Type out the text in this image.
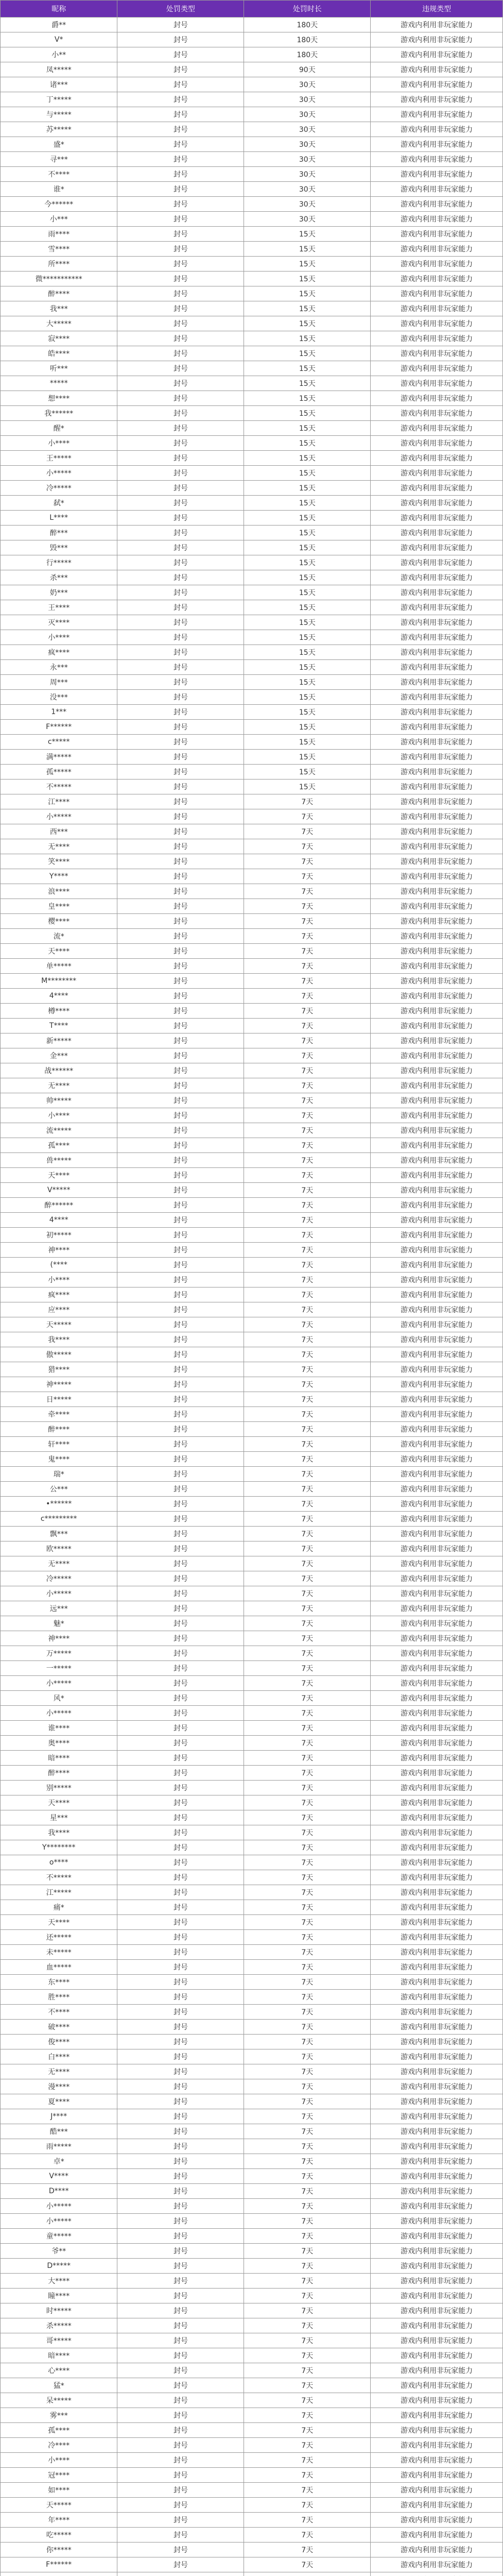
昵称	处罚类型	处罚时长	违规类型
爵**	封号	180天	游戏内利用非玩家能力
V*	封号	180天	游戏内利用非玩家能力
小**	封号	180天	游戏内利用非玩家能力
凤*****	封号	90天	游戏内利用非玩家能力
诸***	封号	30天	游戏内利用非玩家能力
丁*****	封号	30天	游戏内利用非玩家能力
与*****	封号	30天	游戏内利用非玩家能力
苏*****	封号	30天	游戏内利用非玩家能力
盛*	封号	30天	游戏内利用非玩家能力
寻***	封号	30天	游戏内利用非玩家能力
不****	封号	30天	游戏内利用非玩家能力
谁*	封号	30天	游戏内利用非玩家能力
今******	封号	30天	游戏内利用非玩家能力
小***	封号	30天	游戏内利用非玩家能力
雨****	封号	15天	游戏内利用非玩家能力
雪****	封号	15天	游戏内利用非玩家能力
所****	封号	15天	游戏内利用非玩家能力
微***********	封号	15天	游戏内利用非玩家能力
醉****	封号	15天	游戏内利用非玩家能力
我***	封号	15天	游戏内利用非玩家能力
大*****	封号	15天	游戏内利用非玩家能力
寂****	封号	15天	游戏内利用非玩家能力
皓****	封号	15天	游戏内利用非玩家能力
听***	封号	15天	游戏内利用非玩家能力
*****	封号	15天	游戏内利用非玩家能力
想****	封号	15天	游戏内利用非玩家能力
我******	封号	15天	游戏内利用非玩家能力
醒*	封号	15天	游戏内利用非玩家能力
小****	封号	15天	游戏内利用非玩家能力
王*****	封号	15天	游戏内利用非玩家能力
小*****	封号	15天	游戏内利用非玩家能力
冷*****	封号	15天	游戏内利用非玩家能力
弑*	封号	15天	游戏内利用非玩家能力
L****	封号	15天	游戏内利用非玩家能力
醉***	封号	15天	游戏内利用非玩家能力
毁***	封号	15天	游戏内利用非玩家能力
行*****	封号	15天	游戏内利用非玩家能力
杀***	封号	15天	游戏内利用非玩家能力
奶***	封号	15天	游戏内利用非玩家能力
王****	封号	15天	游戏内利用非玩家能力
灭****	封号	15天	游戏内利用非玩家能力
小****	封号	15天	游戏内利用非玩家能力
疯****	封号	15天	游戏内利用非玩家能力
永***	封号	15天	游戏内利用非玩家能力
周***	封号	15天	游戏内利用非玩家能力
没***	封号	15天	游戏内利用非玩家能力
1***	封号	15天	游戏内利用非玩家能力
F******	封号	15天	游戏内利用非玩家能力
c*****	封号	15天	游戏内利用非玩家能力
满*****	封号	15天	游戏内利用非玩家能力
孤*****	封号	15天	游戏内利用非玩家能力
不*****	封号	15天	游戏内利用非玩家能力
江****	封号	7天	游戏内利用非玩家能力
小*****	封号	7天	游戏内利用非玩家能力
西***	封号	7天	游戏内利用非玩家能力
无****	封号	7天	游戏内利用非玩家能力
笑****	封号	7天	游戏内利用非玩家能力
Y****	封号	7天	游戏内利用非玩家能力
浪****	封号	7天	游戏内利用非玩家能力
皇****	封号	7天	游戏内利用非玩家能力
樱****	封号	7天	游戏内利用非玩家能力
流*	封号	7天	游戏内利用非玩家能力
天****	封号	7天	游戏内利用非玩家能力
单*****	封号	7天	游戏内利用非玩家能力
M********	封号	7天	游戏内利用非玩家能力
4****	封号	7天	游戏内利用非玩家能力
樽****	封号	7天	游戏内利用非玩家能力
T****	封号	7天	游戏内利用非玩家能力
新*****	封号	7天	游戏内利用非玩家能力
金***	封号	7天	游戏内利用非玩家能力
战******	封号	7天	游戏内利用非玩家能力
无****	封号	7天	游戏内利用非玩家能力
帅*****	封号	7天	游戏内利用非玩家能力
小****	封号	7天	游戏内利用非玩家能力
流*****	封号	7天	游戏内利用非玩家能力
孤****	封号	7天	游戏内利用非玩家能力
兽*****	封号	7天	游戏内利用非玩家能力
天****	封号	7天	游戏内利用非玩家能力
V*****	封号	7天	游戏内利用非玩家能力
醉******	封号	7天	游戏内利用非玩家能力
4****	封号	7天	游戏内利用非玩家能力
初*****	封号	7天	游戏内利用非玩家能力
神****	封号	7天	游戏内利用非玩家能力
(****	封号	7天	游戏内利用非玩家能力
小****	封号	7天	游戏内利用非玩家能力
疯****	封号	7天	游戏内利用非玩家能力
应****	封号	7天	游戏内利用非玩家能力
天*****	封号	7天	游戏内利用非玩家能力
我****	封号	7天	游戏内利用非玩家能力
傲*****	封号	7天	游戏内利用非玩家能力
猎****	封号	7天	游戏内利用非玩家能力
神*****	封号	7天	游戏内利用非玩家能力
日*****	封号	7天	游戏内利用非玩家能力
牵****	封号	7天	游戏内利用非玩家能力
醉****	封号	7天	游戏内利用非玩家能力
轩****	封号	7天	游戏内利用非玩家能力
鬼****	封号	7天	游戏内利用非玩家能力
瑞*	封号	7天	游戏内利用非玩家能力
公***	封号	7天	游戏内利用非玩家能力
•******	封号	7天	游戏内利用非玩家能力
c*********	封号	7天	游戏内利用非玩家能力
飘***	封号	7天	游戏内利用非玩家能力
欧*****	封号	7天	游戏内利用非玩家能力
无****	封号	7天	游戏内利用非玩家能力
冷*****	封号	7天	游戏内利用非玩家能力
小*****	封号	7天	游戏内利用非玩家能力
远***	封号	7天	游戏内利用非玩家能力
魅*	封号	7天	游戏内利用非玩家能力
神****	封号	7天	游戏内利用非玩家能力
万*****	封号	7天	游戏内利用非玩家能力
一*****	封号	7天	游戏内利用非玩家能力
小*****	封号	7天	游戏内利用非玩家能力
风*	封号	7天	游戏内利用非玩家能力
小*****	封号	7天	游戏内利用非玩家能力
谁****	封号	7天	游戏内利用非玩家能力
奥****	封号	7天	游戏内利用非玩家能力
暗****	封号	7天	游戏内利用非玩家能力
醉****	封号	7天	游戏内利用非玩家能力
别*****	封号	7天	游戏内利用非玩家能力
天****	封号	7天	游戏内利用非玩家能力
星***	封号	7天	游戏内利用非玩家能力
我****	封号	7天	游戏内利用非玩家能力
Y********	封号	7天	游戏内利用非玩家能力
o****	封号	7天	游戏内利用非玩家能力
不*****	封号	7天	游戏内利用非玩家能力
江*****	封号	7天	游戏内利用非玩家能力
痛*	封号	7天	游戏内利用非玩家能力
天****	封号	7天	游戏内利用非玩家能力
还*****	封号	7天	游戏内利用非玩家能力
未*****	封号	7天	游戏内利用非玩家能力
血*****	封号	7天	游戏内利用非玩家能力
东****	封号	7天	游戏内利用非玩家能力
胜****	封号	7天	游戏内利用非玩家能力
不****	封号	7天	游戏内利用非玩家能力
破****	封号	7天	游戏内利用非玩家能力
俊****	封号	7天	游戏内利用非玩家能力
白****	封号	7天	游戏内利用非玩家能力
无****	封号	7天	游戏内利用非玩家能力
漫****	封号	7天	游戏内利用非玩家能力
夏****	封号	7天	游戏内利用非玩家能力
J****	封号	7天	游戏内利用非玩家能力
酷***	封号	7天	游戏内利用非玩家能力
雨*****	封号	7天	游戏内利用非玩家能力
卓*	封号	7天	游戏内利用非玩家能力
V****	封号	7天	游戏内利用非玩家能力
D****	封号	7天	游戏内利用非玩家能力
小*****	封号	7天	游戏内利用非玩家能力
小*****	封号	7天	游戏内利用非玩家能力
童*****	封号	7天	游戏内利用非玩家能力
爷**	封号	7天	游戏内利用非玩家能力
D*****	封号	7天	游戏内利用非玩家能力
大****	封号	7天	游戏内利用非玩家能力
瞳****	封号	7天	游戏内利用非玩家能力
时*****	封号	7天	游戏内利用非玩家能力
杀*****	封号	7天	游戏内利用非玩家能力
哥*****	封号	7天	游戏内利用非玩家能力
暗****	封号	7天	游戏内利用非玩家能力
心****	封号	7天	游戏内利用非玩家能力
猛*	封号	7天	游戏内利用非玩家能力
呆*****	封号	7天	游戏内利用非玩家能力
雾***	封号	7天	游戏内利用非玩家能力
孤****	封号	7天	游戏内利用非玩家能力
冷****	封号	7天	游戏内利用非玩家能力
小****	封号	7天	游戏内利用非玩家能力
冠****	封号	7天	游戏内利用非玩家能力
如****	封号	7天	游戏内利用非玩家能力
天*****	封号	7天	游戏内利用非玩家能力
年****	封号	7天	游戏内利用非玩家能力
吃*****	封号	7天	游戏内利用非玩家能力
你*****	封号	7天	游戏内利用非玩家能力
F******	封号	7天	游戏内利用非玩家能力
